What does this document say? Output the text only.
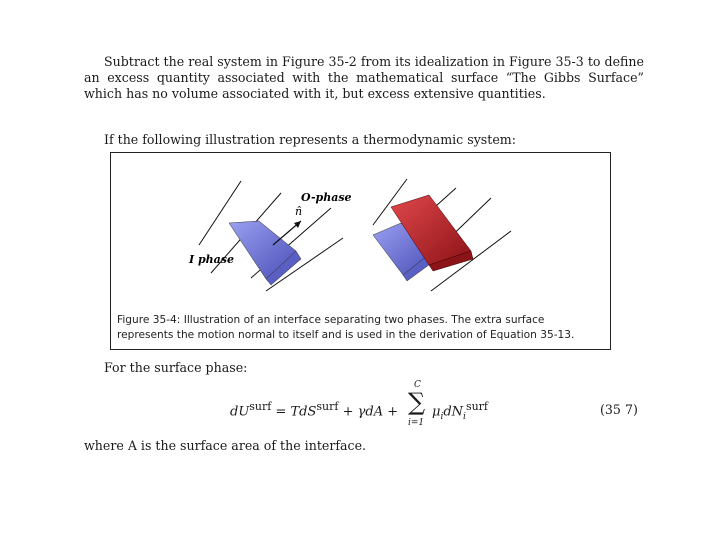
Subtract the real system in Figure 35-2 from its idealization in Figure 35-3 to define an excess quantity associated with the mathematical surface “The Gibbs Surface” which has no volume associated with it, but excess extensive quantities.
If the following illustration represents a thermodynamic system:
n̂
O-phase
I phase
Figure 35-4: Illustration of an interface separating two phases. The extra surface represents the motion normal to itself and is used in the derivation of Equation 35-13.
For the surface phase:
$dU^{surf} = TdS^{surf} + \gamma dA$ +
C
∑
i=1
$\mu_idN_i^{surf}$	(35 7)
where A is the surface area of the interface.
